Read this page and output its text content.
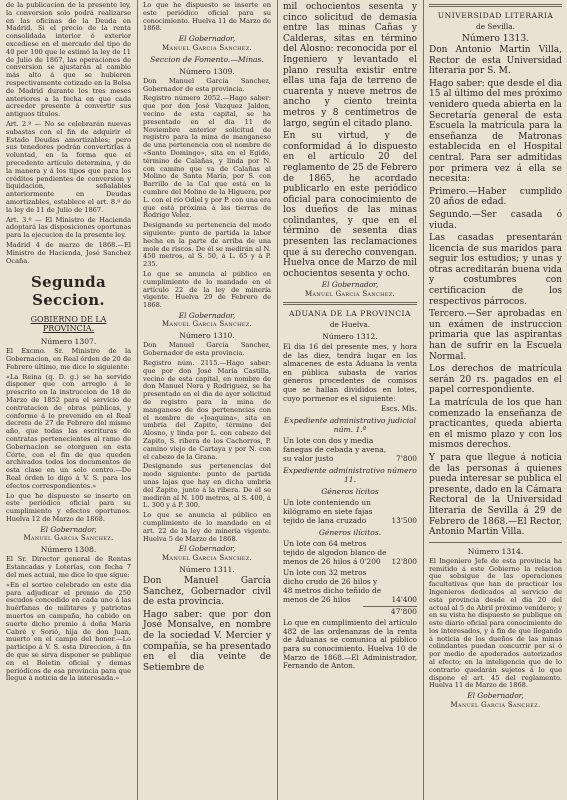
de la publicacion de la presente ley, la conversion solo podrá realizarse en las oficinas de la Deuda en Madrid. Si el precio de la renta consolidada interior ó exterior excediese en el mercado del tipo de 40 por 100 que le estimó la ley de 11 de Julio de 1867, las operaciones de conversion se ajustarán al cambio más alto á que se hubieren respectivamente cotizado en la Bolsa de Madrid durante los tres meses anteriores a la fecha en que cada acreedor presente á convertir sus antiguos títulos.

Art. 2.º — No se celebrarán nuevas subastas con el fin de adquirir el Estado Deudas amortizables; pero sus tenedores podrán convertirlas á voluntad, en la forma que el precedente artículo determina, y de la manera y á los tipos que para los créditos pendientes de conversion y liquidacion, señalables anteriormente en Deudas amortizables, establece el art. 8.º de la ley de 11 de Julio de 1867.

Art. 3.º — El Ministro de Hacienda adoptará las disposiciones oportunas para la ejecucion de la presente ley.

Madrid 4 de marzo de 1868.—El Ministro de Hacienda, José Sanchez Ocaña.

Segunda Seccion.
GOBIERNO DE LA PROVINCIA.
Número 1307.

El Excmo. Sr. Ministro de la Gobernacion, en Real órden de 20 de Febrero último, me dice lo siguiente:

«La Reina (q. D. g.) se ha servido disponer que con arreglo á le prescrito en la instruccion de 18 de Marzo de 1852 para el servicio de contratacion de obras públicas, y conforme á lo prevenido en el Real decreto de 27 de Febrero del mismo año, que todas las escrituras de contratas pertenecientes al ramo de Gobernacion se otorguen en esta Córte, con el fin de que queden archivados todos los documentos de esta clase en un solo centro.—De Real órden lo digo á V. S. para los efectos correspondientes.»

Lo que he dispuesto se inserte en este periódico oficial para su cumplimiento y efectos oportunos. Huelva 12 de Marzo de 1868.

El Gobernador,
Manuel Garcia Sanchez.
Número 1308.

El Sr. Director general de Rentas Estancadas y Loterías, con fecha 7 del mes actual, me dice lo que sigue:

«En el sorteo celebrado en este dia para adjudicar el premio de 250 escudos concedido en cada uno á las huérfanas de militares y patriotas muertos en campaña, ha cabido en suerte dicho premio á doña María Cabré y Sorió, hija de don Juan, muerto en el campo del honor.—Lo participo á V. S. esta Direccion, á fin de que se sirva disponer se publique en el Boletin oficial y demas periódicos de esa provincia para que llegue á noticia de la interesada.»

Lo que he dispuesto se inserte en este periódico oficial para su conocimiento. Huelva 11 de Marzo de 1868.

El Gobernador,
Manuel Garcia Sanchez.
Seccion de Fomento.—Minas.
Número 1309.

Don Manuel García Sanchez, Gobernador de esta provincia.

Registro número 2052.—Hago saber: que por don José Vazquez Jaldon, vecino de esta capital, se ha presentado en el dia 11 de Noviembre anterior solicitud de registro para la mina de manganeso de una pertenencia con el nombre de «Santo Domingo», sita en el Egido, término de Calañas, y linda por N. con camino que va de Calañas al Molino de Santa María, por S. con Barrillo de la Cal que está en la cumbre del Molino de la Higuera, por L. con el río Odiel y por P. con una era que está próxima á las tierras de Rodrigo Velez.

Designando su pertenencia del modo siguiente: punto de partida la labor hecha en la parte de arriba de una mole de riscos. De él se medirán al N. 450 metros, al S. 50, á L. 65 y á P. 235.

Lo que se anuncia al público en cumplimiento de lo mandado en el artículo 22 de la ley de minería vigente. Huelva 29 de Febrero de 1868.

El Gobernador,
Manuel Garcia Sanchez.
Número 1310.

Don Manuel García Sanchez, Gobernador de esta provincia.

Registro núm. 2115.—Hago saber: que por don José María Castilla, vecino de esta capital, en nombre de don Manuel Nora y Rodriguez, se ha presentado en el dia de ayer solicitud de registro para la mina de manganeso de dos pertenencias con el nombre de «Joaquina», sita en umbría del Zapito, término del Alosno, y linda por L. con cabezo del Zapito, S. ribera de los Cachorros, P. camino viejo de Cartaya y por N. con el cabezo de la Grana.

Designando sus pertenencias del modo siguiente: punto de partida unas lajas que hay en dicha umbría del Zapito, junto á la ribera. De él se medirán al N. 100 metros, al S. 400, á L. 300 y á P. 300.

Lo que se anuncia al público en cumplimiento de lo mandado en el art. 22 de la ley de minería vigente. Huelva 5 de Marzo de 1868.

El Gobernador,
Manuel Garcia Sanchez.
Número 1311.

Don Manuel García Sanchez, Gobernador civil de esta provincia.

Hago saber: que por don José Monsalve, en nombre de la sociedad V. Mercier y compañía, se ha presentado en el dia veinte de Setiembre de

mil ochocientos sesenta y cinco solicitud de demasía entre las minas Cañas y Calderas, sitas en término del Alosno: reconocida por el Ingeniero y levantado el plano resulta existir entre ellas una faja de terreno de cuarenta y nueve metros de ancho y ciento treinta metros y 8 centímetros de largo, según el citado plano.

En su virtud, y de conformidad á lo dispuesto en el artículo 20 del reglamento de 25 de Febrero de 1865, he acordado publicarlo en este periódico oficial para conocimiento de los dueños de las minas colindantes, y que en el término de sesenta dias presenten las reclamaciones que á su derecho convengan. Huelva once de Marzo de mil ochocientos sesenta y ocho.

El Gobernador,
Manuel Garcia Sanchez.
ADUANA DE LA PROVINCIA
de Huelva.
Número 1312.

El dia 16 del presente mes, y hora de las diez, tendrá lugar en los almacenes de esta Aduana la venta en pública subasta de varios géneros procedentes de comisos que se hallan divididos en lotes, cuyo pormenor es el siguiente:

Escs. Mls.
Expediente administrativo judicial núm. 1.º
Un lote con dos y media fanegas de cebada y avena, su valor justo	7'800
Expediente administrativo número 11.
Géneros lícitos
Un lote conteniendo un kilógramo en siete fajas tejido de lana cruzado	13'500
Géneros ilícitos.
Un lote con 64 metros tejido de algodon blanco de menos de 26 hilos á 0'200	12'800
Un lote con 32 metros dicho crudo de 26 hilos y 48 metros dicho teñido de menos de 26 hilos	14'400
47'800

Lo que en cumplimiento del artículo 482 de las ordenanzas de la renta de Aduanas se comunica al público para su conocimiento. Huelva 10 de Marzo de 1868.—El Administrador, Fernando de Anton.

UNIVERSIDAD LITERARIA
de Sevilla.
Número 1313.

Don Antonio Martin Villa, Rector de esta Universidad literaria por S. M.

Hago saber: que desde el dia 15 al último del mes próximo venidero queda abierta en la Secretaría general de esta Escuela la matrícula para la enseñanza de Matronas establecida en el Hospital central. Para ser admitidas por primera vez á ella se necesita:

Primero.—Haber cumplido 20 años de edad.

Segundo.—Ser casada ó viuda.

Las casadas presentarán licencia de sus maridos para seguir los estudios; y unas y otras acreditarán buena vida y costumbres con certificacion de los respectivos párrocos.

Tercero.—Ser aprobadas en un exámen de instruccion primaria que las aspirantas han de sufrir en la Escuela Normal.

Los derechos de matrícula serán 20 rs. pagados en el papel correspondiente.

La matrícula de los que han comenzado la enseñanza de practicantes, queda abierta en el mismo plazo y con los mismos derechos.

Y para que llegue á noticia de las personas á quienes pueda interesar se publica el presente, dado en la Cámara Rectoral de la Universidad literaria de Sevilla á 29 de Febrero de 1868.—El Rector, Antonio Martin Villa.

Número 1314.

El Ingeniero Jefe de esta provincia ha remitido á este Gobierno la relacion que sobsigue de las operaciones facultativas que han de practicar los Ingenieros dedicados al servicio de esta provincia desde el dia 20 del actual al 5 de Abril próximo venidero; y en su vista he dispuesto se publique en este diario oficial para conocimiento de los interesados, y á fin de que llegando á noticia de los dueños de las minas colindantes puedan concurrir por sí ó por medio de apoderados autorizados al efecto; en la inteligencia que de lo contrario quedarán sujetos á lo que dispone el art. 45 del reglamento. Huelva 11 de Marzo de 1868.

El Gobernador,
Manuel Garcia Sanchez.
